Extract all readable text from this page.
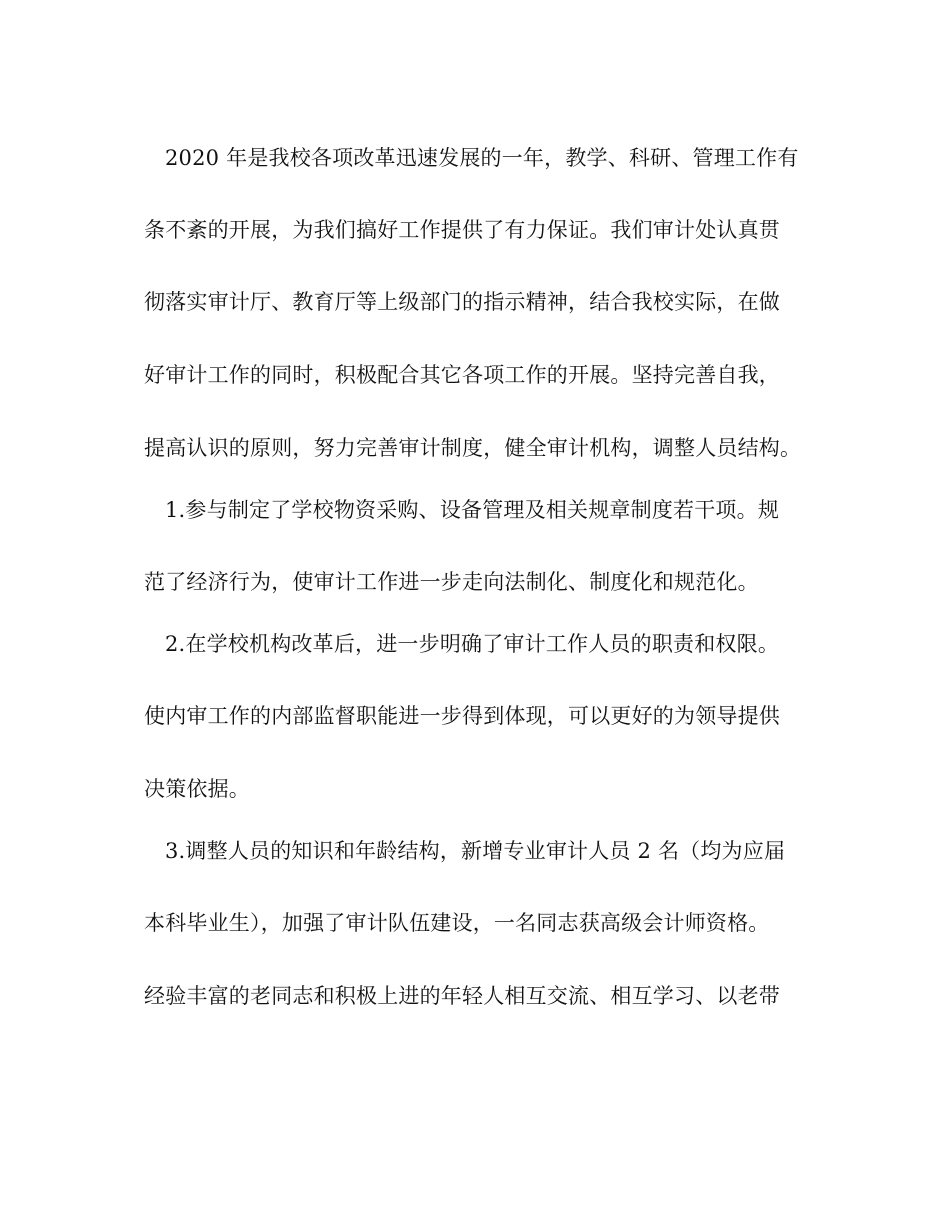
2020 年是我校各项改革迅速发展的一年，教学、科研、管理工作有
条不紊的开展，为我们搞好工作提供了有力保证。我们审计处认真贯
彻落实审计厅、教育厅等上级部门的指示精神，结合我校实际，在做
好审计工作的同时，积极配合其它各项工作的开展。坚持完善自我，
提高认识的原则，努力完善审计制度，健全审计机构，调整人员结构。
1.参与制定了学校物资采购、设备管理及相关规章制度若干项。规
范了经济行为，使审计工作进一步走向法制化、制度化和规范化。
2.在学校机构改革后，进一步明确了审计工作人员的职责和权限。
使内审工作的内部监督职能进一步得到体现，可以更好的为领导提供
决策依据。
3.调整人员的知识和年龄结构，新增专业审计人员 2 名（均为应届
本科毕业生），加强了审计队伍建设，一名同志获高级会计师资格。
经验丰富的老同志和积极上进的年轻人相互交流、相互学习、以老带
